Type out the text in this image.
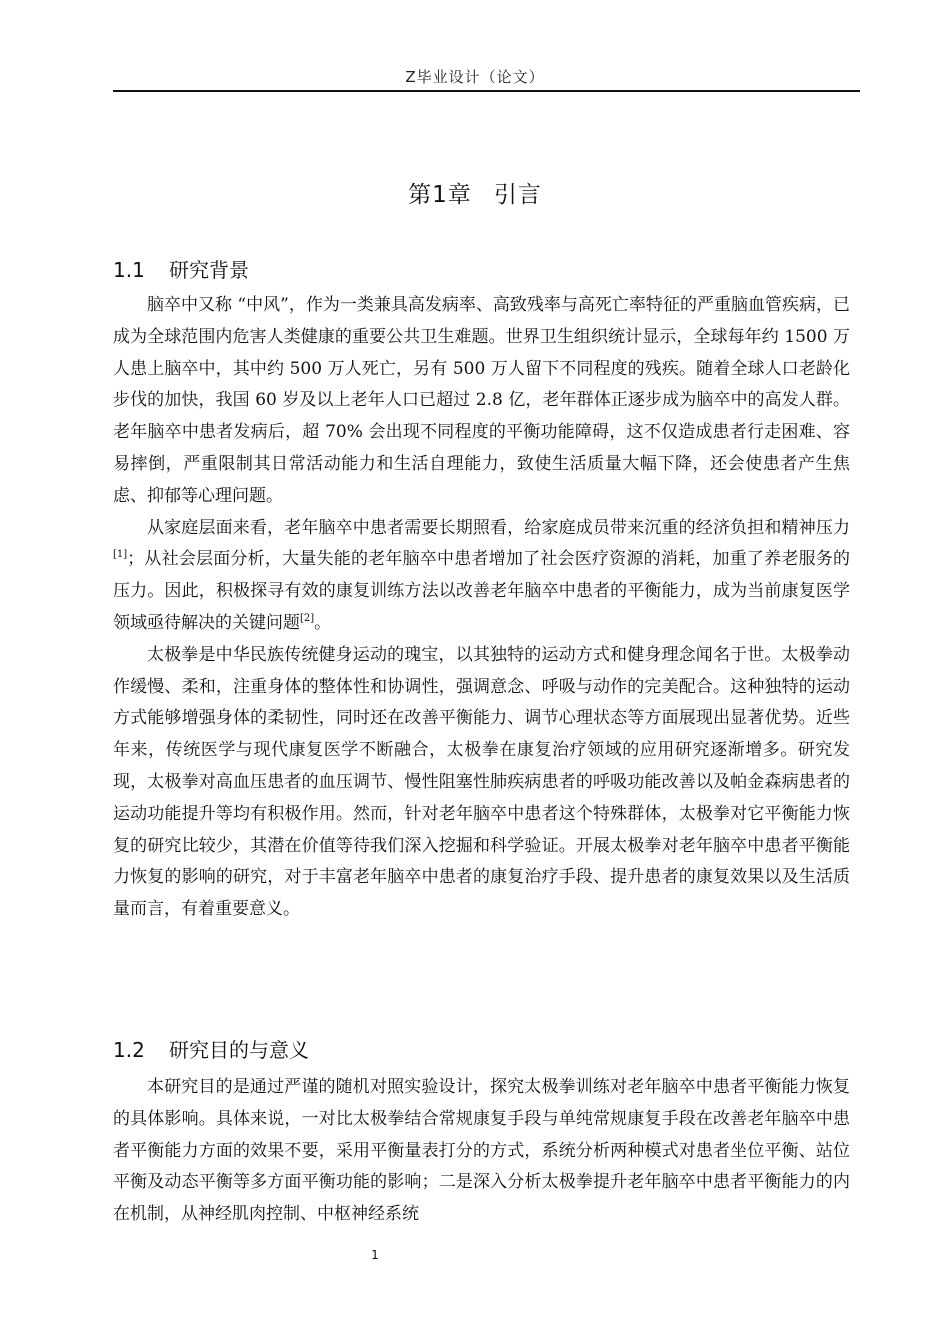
Z毕业设计（论文）
第1章 引言
1.1 研究背景

脑卒中又称 “中风”，作为一类兼具高发病率、高致残率与高死亡率特征的严重脑血管疾病，已成为全球范围内危害人类健康的重要公共卫生难题。世界卫生组织统计显示，全球每年约 1500 万人患上脑卒中，其中约 500 万人死亡，另有 500 万人留下不同程度的残疾。随着全球人口老龄化步伐的加快，我国 60 岁及以上老年人口已超过 2.8 亿，老年群体正逐步成为脑卒中的高发人群。老年脑卒中患者发病后，超 70% 会出现不同程度的平衡功能障碍，这不仅造成患者行走困难、容易摔倒，严重限制其日常活动能力和生活自理能力，致使生活质量大幅下降，还会使患者产生焦虑、抑郁等心理问题。

从家庭层面来看，老年脑卒中患者需要长期照看，给家庭成员带来沉重的经济负担和精神压力[1]；从社会层面分析，大量失能的老年脑卒中患者增加了社会医疗资源的消耗，加重了养老服务的压力。因此，积极探寻有效的康复训练方法以改善老年脑卒中患者的平衡能力，成为当前康复医学领域亟待解决的关键问题[2]。

太极拳是中华民族传统健身运动的瑰宝，以其独特的运动方式和健身理念闻名于世。太极拳动作缓慢、柔和，注重身体的整体性和协调性，强调意念、呼吸与动作的完美配合。这种独特的运动方式能够增强身体的柔韧性，同时还在改善平衡能力、调节心理状态等方面展现出显著优势。近些年来，传统医学与现代康复医学不断融合，太极拳在康复治疗领域的应用研究逐渐增多。研究发现，太极拳对高血压患者的血压调节、慢性阻塞性肺疾病患者的呼吸功能改善以及帕金森病患者的运动功能提升等均有积极作用。然而，针对老年脑卒中患者这个特殊群体，太极拳对它平衡能力恢复的研究比较少，其潜在价值等待我们深入挖掘和科学验证。开展太极拳对老年脑卒中患者平衡能力恢复的影响的研究，对于丰富老年脑卒中患者的康复治疗手段、提升患者的康复效果以及生活质量而言，有着重要意义。

1.2 研究目的与意义

本研究目的是通过严谨的随机对照实验设计，探究太极拳训练对老年脑卒中患者平衡能力恢复的具体影响。具体来说，一对比太极拳结合常规康复手段与单纯常规康复手段在改善老年脑卒中患者平衡能力方面的效果不要，采用平衡量表打分的方式，系统分析两种模式对患者坐位平衡、站位平衡及动态平衡等多方面平衡功能的影响；二是深入分析太极拳提升老年脑卒中患者平衡能力的内在机制，从神经肌肉控制、中枢神经系统

1
